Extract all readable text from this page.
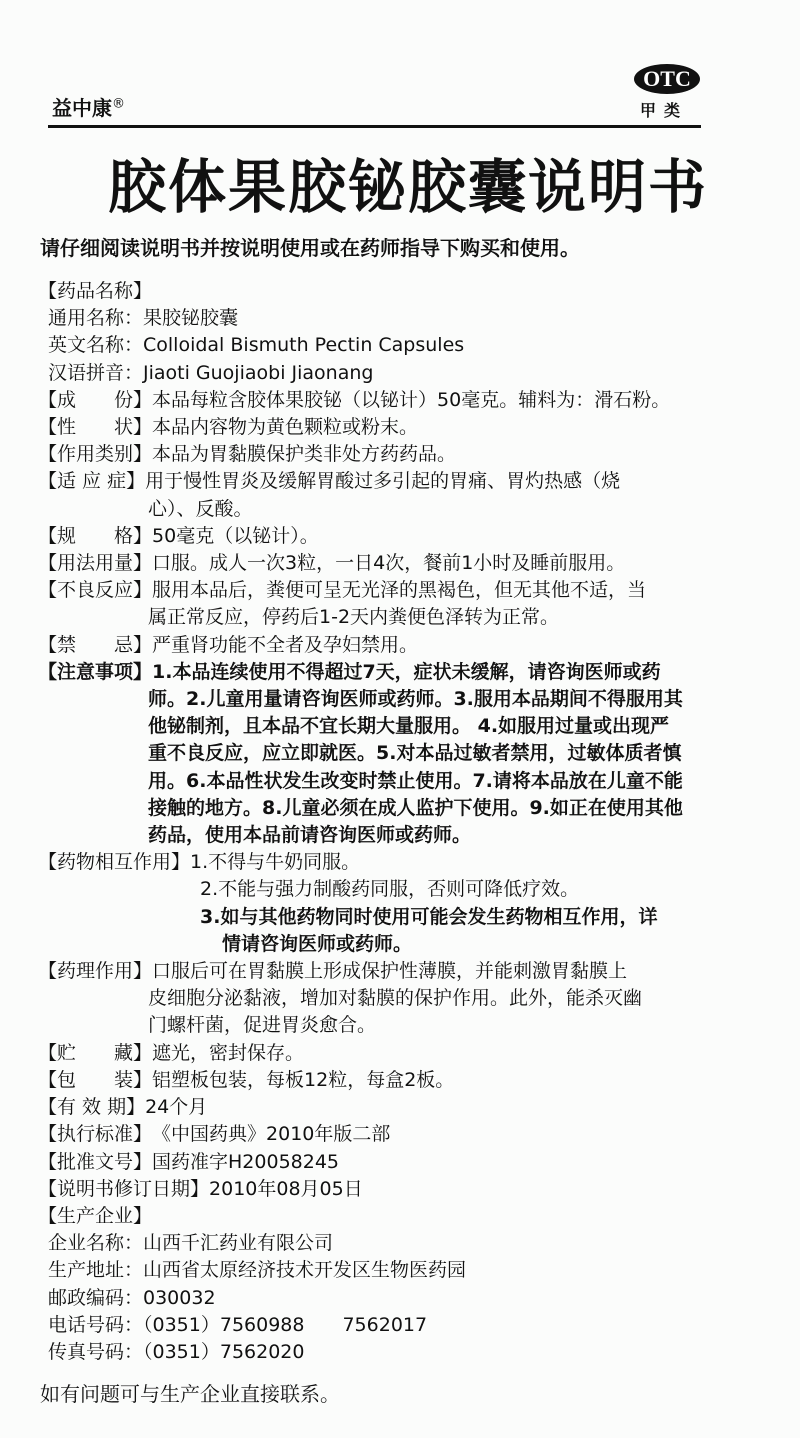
益中康®
OTC
甲类
胶体果胶铋胶囊说明书
请仔细阅读说明书并按说明使用或在药师指导下购买和使用。
【药品名称】
通用名称：果胶铋胶囊
英文名称：Colloidal Bismuth Pectin Capsules
汉语拼音：Jiaoti Guojiaobi Jiaonang
【成　　份】本品每粒含胶体果胶铋（以铋计）50毫克。辅料为：滑石粉。
【性　　状】本品内容物为黄色颗粒或粉末。
【作用类别】本品为胃黏膜保护类非处方药药品。
【适 应 症】用于慢性胃炎及缓解胃酸过多引起的胃痛、胃灼热感（烧
心）、反酸。
【规　　格】50毫克（以铋计）。
【用法用量】口服。成人一次3粒，一日4次，餐前1小时及睡前服用。
【不良反应】服用本品后，粪便可呈无光泽的黑褐色，但无其他不适，当
属正常反应，停药后1-2天内粪便色泽转为正常。
【禁　　忌】严重肾功能不全者及孕妇禁用。
【注意事项】1.本品连续使用不得超过7天，症状未缓解，请咨询医师或药
师。2.儿童用量请咨询医师或药师。3.服用本品期间不得服用其
他铋制剂，且本品不宜长期大量服用。 4.如服用过量或出现严
重不良反应，应立即就医。5.对本品过敏者禁用，过敏体质者慎
用。6.本品性状发生改变时禁止使用。7.请将本品放在儿童不能
接触的地方。8.儿童必须在成人监护下使用。9.如正在使用其他
药品，使用本品前请咨询医师或药师。
【药物相互作用】1.不得与牛奶同服。
2.不能与强力制酸药同服，否则可降低疗效。
3.如与其他药物同时使用可能会发生药物相互作用，详
情请咨询医师或药师。
【药理作用】口服后可在胃黏膜上形成保护性薄膜，并能刺激胃黏膜上
皮细胞分泌黏液，增加对黏膜的保护作用。此外，能杀灭幽
门螺杆菌，促进胃炎愈合。
【贮　　藏】遮光，密封保存。
【包　　装】铝塑板包装，每板12粒，每盒2板。
【有 效 期】24个月
【执行标准】《中国药典》2010年版二部
【批准文号】国药准字H20058245
【说明书修订日期】2010年08月05日
【生产企业】
企业名称：山西千汇药业有限公司
生产地址：山西省太原经济技术开发区生物医药园
邮政编码：030032
电话号码：（0351）7560988　　7562017
传真号码：（0351）7562020
如有问题可与生产企业直接联系。
